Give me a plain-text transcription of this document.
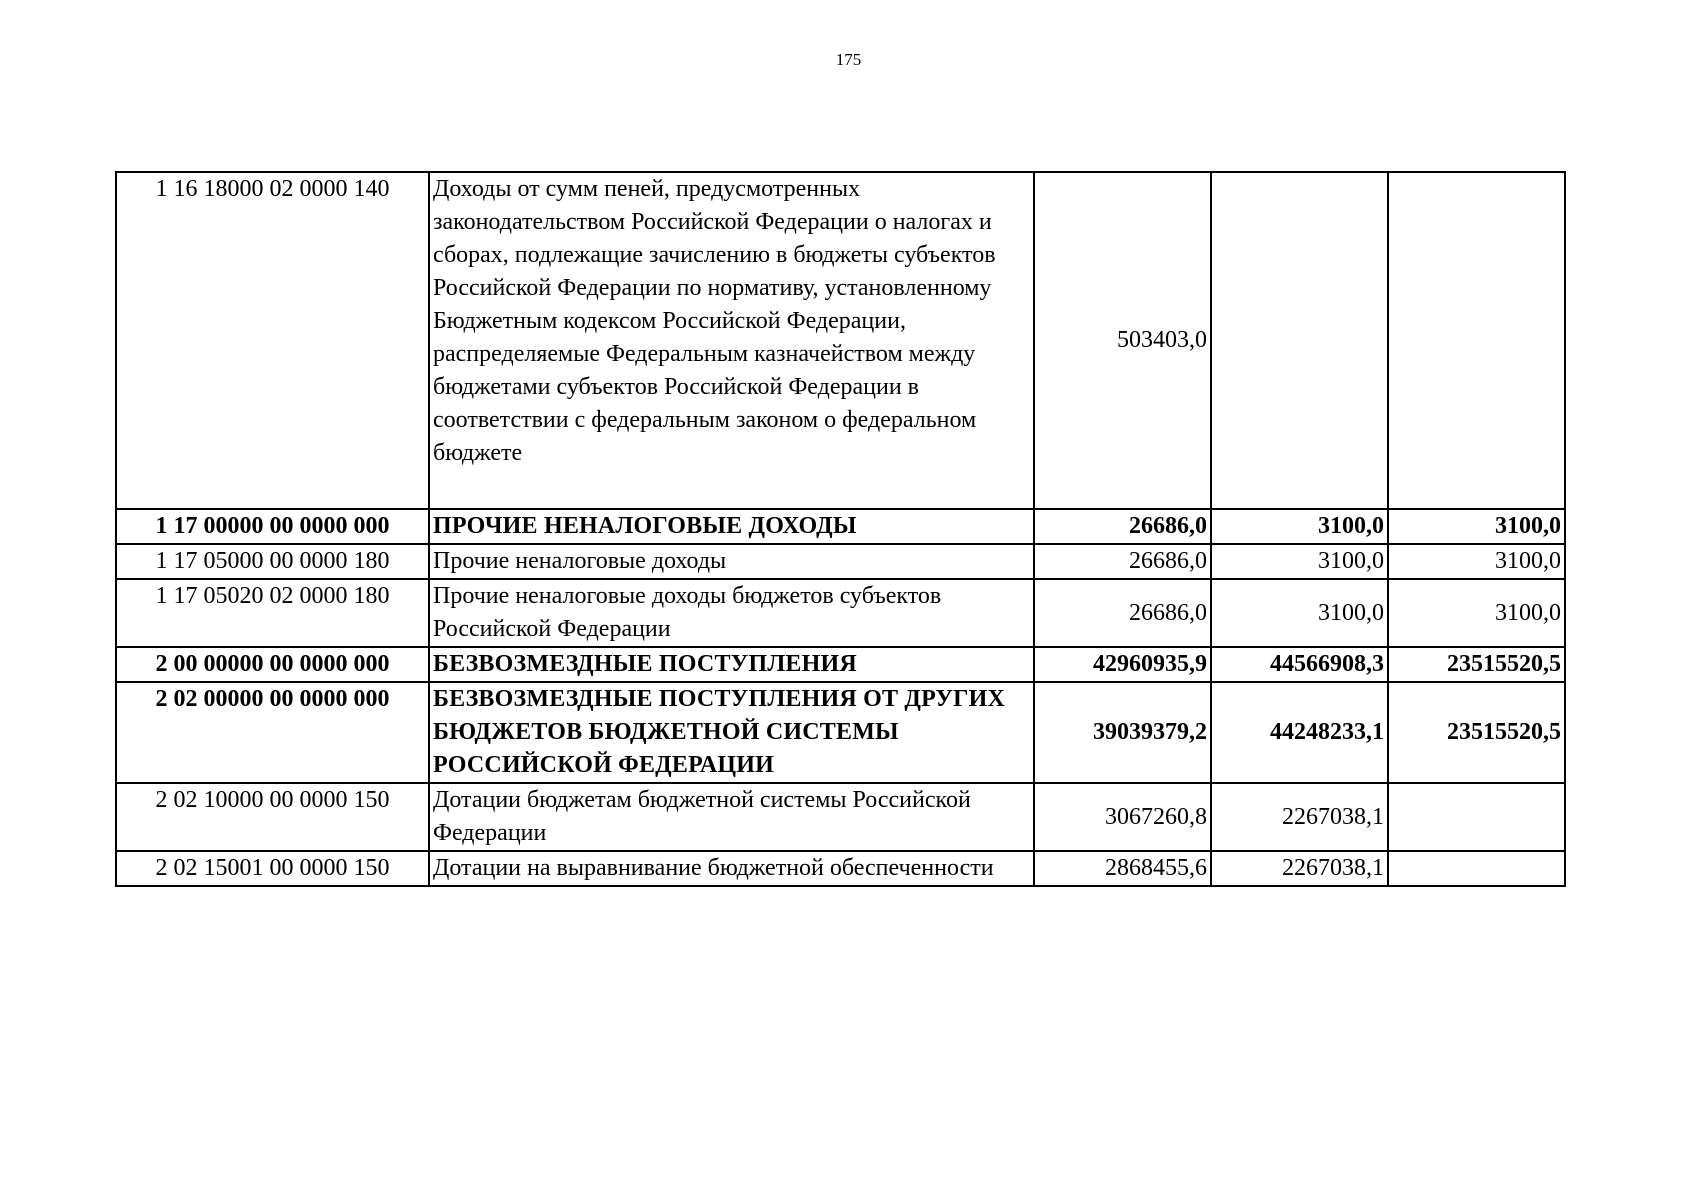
175
1 16 18000 02 0000 140	Доходы от сумм пеней, предусмотренных законодательством Российской Федерации о налогах и сборах, подлежащие зачислению в бюджеты субъектов Российской Федерации по нормативу, установленному Бюджетным кодексом Российской Федерации, распределяемые Федеральным казначейством между бюджетами субъектов Российской Федерации в соответствии с федеральным законом о федеральном бюджете	503403,0		
1 17 00000 00 0000 000	ПРОЧИЕ НЕНАЛОГОВЫЕ ДОХОДЫ	26686,0	3100,0	3100,0
1 17 05000 00 0000 180	Прочие неналоговые доходы	26686,0	3100,0	3100,0
1 17 05020 02 0000 180	Прочие неналоговые доходы бюджетов субъектов Российской Федерации	26686,0	3100,0	3100,0
2 00 00000 00 0000 000	БЕЗВОЗМЕЗДНЫЕ ПОСТУПЛЕНИЯ	42960935,9	44566908,3	23515520,5
2 02 00000 00 0000 000	БЕЗВОЗМЕЗДНЫЕ ПОСТУПЛЕНИЯ ОТ ДРУГИХ БЮДЖЕТОВ БЮДЖЕТНОЙ СИСТЕМЫ РОССИЙСКОЙ ФЕДЕРАЦИИ	39039379,2	44248233,1	23515520,5
2 02 10000 00 0000 150	Дотации бюджетам бюджетной системы Российской Федерации	3067260,8	2267038,1	
2 02 15001 00 0000 150	Дотации на выравнивание бюджетной обеспеченности	2868455,6	2267038,1	
